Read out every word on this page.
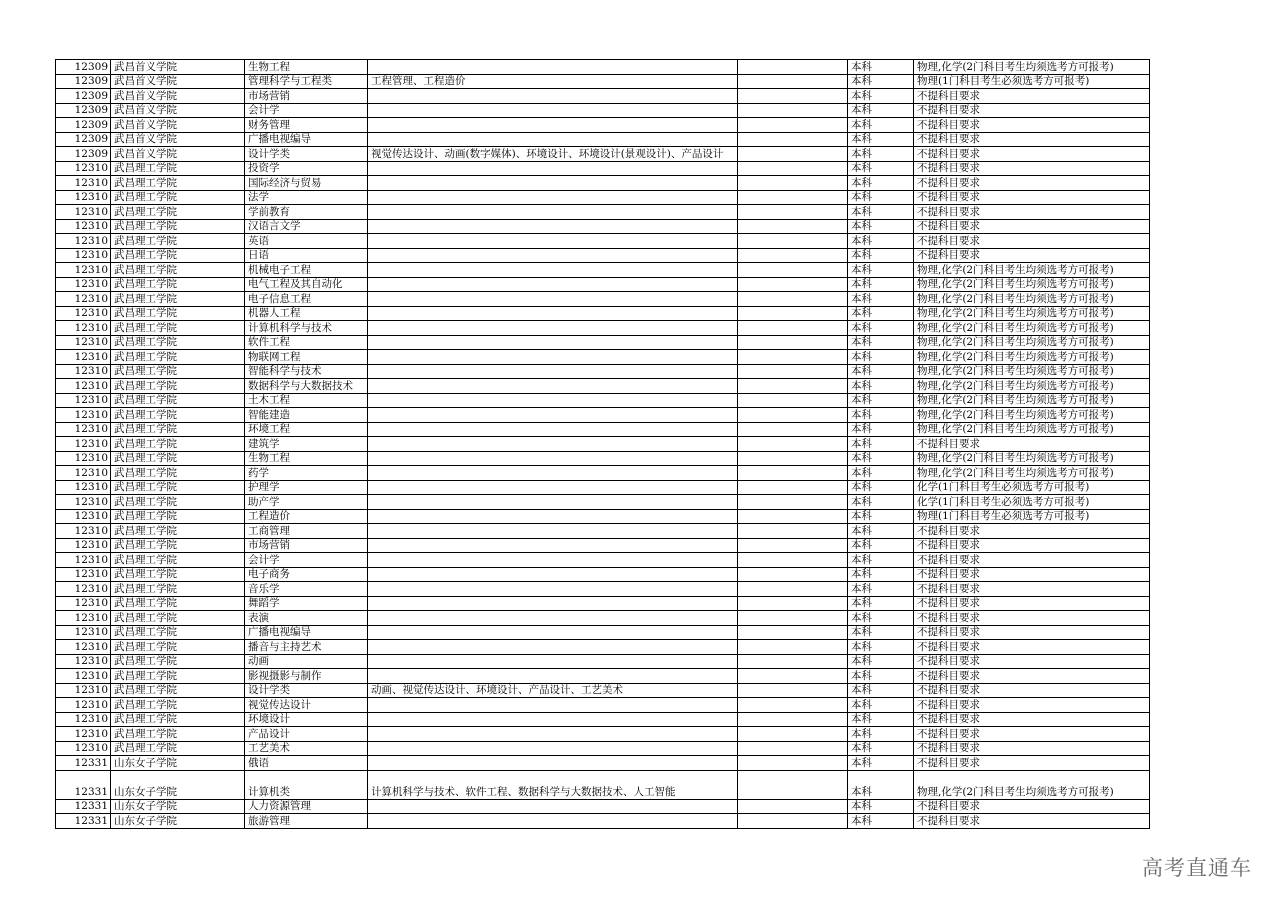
12309	武昌首义学院	生物工程			本科	物理,化学(2门科目考生均须选考方可报考)
12309	武昌首义学院	管理科学与工程类	工程管理、工程造价		本科	物理(1门科目考生必须选考方可报考)
12309	武昌首义学院	市场营销			本科	不提科目要求
12309	武昌首义学院	会计学			本科	不提科目要求
12309	武昌首义学院	财务管理			本科	不提科目要求
12309	武昌首义学院	广播电视编导			本科	不提科目要求
12309	武昌首义学院	设计学类	视觉传达设计、动画(数字媒体)、环境设计、环境设计(景观设计)、产品设计		本科	不提科目要求
12310	武昌理工学院	投资学			本科	不提科目要求
12310	武昌理工学院	国际经济与贸易			本科	不提科目要求
12310	武昌理工学院	法学			本科	不提科目要求
12310	武昌理工学院	学前教育			本科	不提科目要求
12310	武昌理工学院	汉语言文学			本科	不提科目要求
12310	武昌理工学院	英语			本科	不提科目要求
12310	武昌理工学院	日语			本科	不提科目要求
12310	武昌理工学院	机械电子工程			本科	物理,化学(2门科目考生均须选考方可报考)
12310	武昌理工学院	电气工程及其自动化			本科	物理,化学(2门科目考生均须选考方可报考)
12310	武昌理工学院	电子信息工程			本科	物理,化学(2门科目考生均须选考方可报考)
12310	武昌理工学院	机器人工程			本科	物理,化学(2门科目考生均须选考方可报考)
12310	武昌理工学院	计算机科学与技术			本科	物理,化学(2门科目考生均须选考方可报考)
12310	武昌理工学院	软件工程			本科	物理,化学(2门科目考生均须选考方可报考)
12310	武昌理工学院	物联网工程			本科	物理,化学(2门科目考生均须选考方可报考)
12310	武昌理工学院	智能科学与技术			本科	物理,化学(2门科目考生均须选考方可报考)
12310	武昌理工学院	数据科学与大数据技术			本科	物理,化学(2门科目考生均须选考方可报考)
12310	武昌理工学院	土木工程			本科	物理,化学(2门科目考生均须选考方可报考)
12310	武昌理工学院	智能建造			本科	物理,化学(2门科目考生均须选考方可报考)
12310	武昌理工学院	环境工程			本科	物理,化学(2门科目考生均须选考方可报考)
12310	武昌理工学院	建筑学			本科	不提科目要求
12310	武昌理工学院	生物工程			本科	物理,化学(2门科目考生均须选考方可报考)
12310	武昌理工学院	药学			本科	物理,化学(2门科目考生均须选考方可报考)
12310	武昌理工学院	护理学			本科	化学(1门科目考生必须选考方可报考)
12310	武昌理工学院	助产学			本科	化学(1门科目考生必须选考方可报考)
12310	武昌理工学院	工程造价			本科	物理(1门科目考生必须选考方可报考)
12310	武昌理工学院	工商管理			本科	不提科目要求
12310	武昌理工学院	市场营销			本科	不提科目要求
12310	武昌理工学院	会计学			本科	不提科目要求
12310	武昌理工学院	电子商务			本科	不提科目要求
12310	武昌理工学院	音乐学			本科	不提科目要求
12310	武昌理工学院	舞蹈学			本科	不提科目要求
12310	武昌理工学院	表演			本科	不提科目要求
12310	武昌理工学院	广播电视编导			本科	不提科目要求
12310	武昌理工学院	播音与主持艺术			本科	不提科目要求
12310	武昌理工学院	动画			本科	不提科目要求
12310	武昌理工学院	影视摄影与制作			本科	不提科目要求
12310	武昌理工学院	设计学类	动画、视觉传达设计、环境设计、产品设计、工艺美术		本科	不提科目要求
12310	武昌理工学院	视觉传达设计			本科	不提科目要求
12310	武昌理工学院	环境设计			本科	不提科目要求
12310	武昌理工学院	产品设计			本科	不提科目要求
12310	武昌理工学院	工艺美术			本科	不提科目要求
12331	山东女子学院	俄语			本科	不提科目要求
12331	山东女子学院	计算机类	计算机科学与技术、软件工程、数据科学与大数据技术、人工智能		本科	物理,化学(2门科目考生均须选考方可报考)
12331	山东女子学院	人力资源管理			本科	不提科目要求
12331	山东女子学院	旅游管理			本科	不提科目要求
高考直通车
